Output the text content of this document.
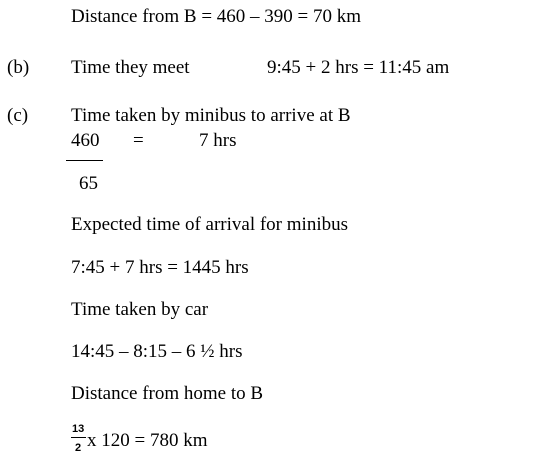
Distance from B = 460 – 390 = 70 km
(b) Time they meet	9:45 + 2 hrs = 11:45 am
(c) Time taken by minibus to arrive at B
460 =	7 hrs
65
Expected time of arrival for minibus
7:45 + 7 hrs = 1445 hrs
Time taken by car
14:45 – 8:15 – 6 ½ hrs
Distance from home to B
13
2 x 120 = 780 km
